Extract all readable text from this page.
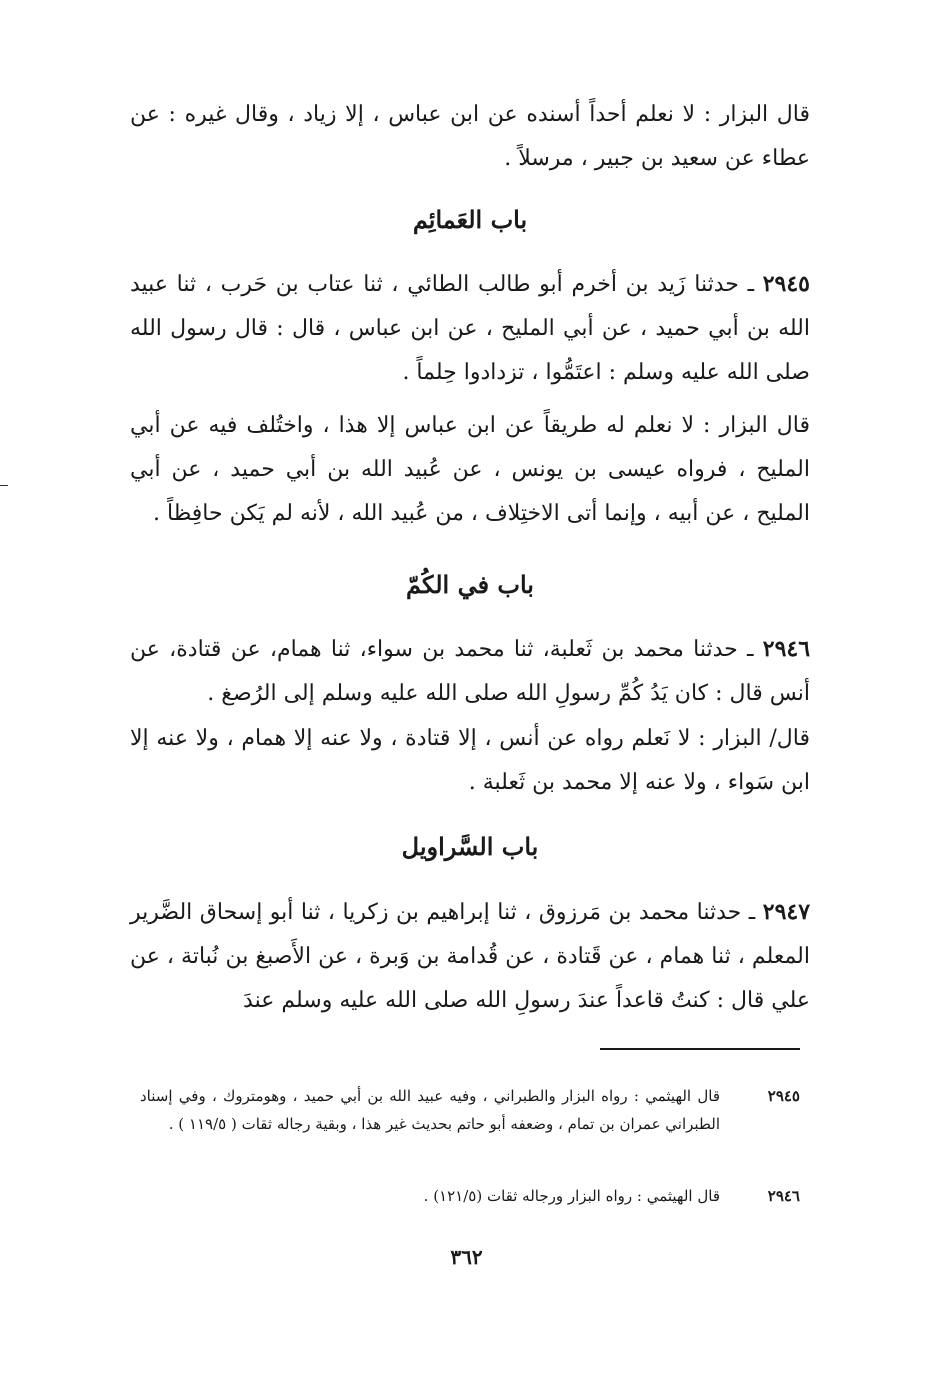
قال البزار : لا نعلم أحداً أسنده عن ابن عباس ، إلا زياد ، وقال غيره : عن عطاء عن سعيد بن جبير ، مرسلاً .

باب العَمائِم

٢٩٤٥ ـ حدثنا زَيد بن أخرم أبو طالب الطائي ، ثنا عتاب بن حَرب ، ثنا عبيد الله بن أبي حميد ، عن أبي المليح ، عن ابن عباس ، قال : قال رسول الله صلى الله عليه وسلم : اعتَمُّوا ، تزدادوا حِلماً .

قال البزار : لا نعلم له طريقاً عن ابن عباس إلا هذا ، واختُلف فيه عن أبي المليح ، فرواه عيسى بن يونس ، عن عُبيد الله بن أبي حميد ، عن أبي المليح ، عن أبيه ، وإنما أتى الاختِلاف ، من عُبيد الله ، لأنه لم يَكن حافِظاً .

باب في الكُمّ

٢٩٤٦ ـ حدثنا محمد بن ثَعلبة، ثنا محمد بن سواء، ثنا همام، عن قتادة، عن أنس قال : كان يَدُ كُمِّ رسولِ الله صلى الله عليه وسلم إلى الرُصغ .

قال/ البزار : لا نَعلم رواه عن أنس ، إلا قتادة ، ولا عنه إلا همام ، ولا عنه إلا ابن سَواء ، ولا عنه إلا محمد بن ثَعلبة .

باب السَّراويل

٢٩٤٧ ـ حدثنا محمد بن مَرزوق ، ثنا إبراهيم بن زكريا ، ثنا أبو إسحاق الضَّرير المعلم ، ثنا همام ، عن قَتادة ، عن قُدامة بن وَبرة ، عن الأَصبغ بن نُباتة ، عن علي قال : كنتُ قاعداً عندَ رسولِ الله صلى الله عليه وسلم عندَ

٢٩٤٥
قال الهيثمي : رواه البزار والطبراني ، وفيه عبيد الله بن أبي حميد ، وهومتروك ، وفي إسناد الطبراني عمران بن تمام ، وضعفه أبو حاتم بحديث غير هذا ، وبقية رجاله ثقات ( ١١٩/٥ ) .
٢٩٤٦
قال الهيثمي : رواه البزار ورجاله ثقات (١٢١/٥) .
٣٦٢
